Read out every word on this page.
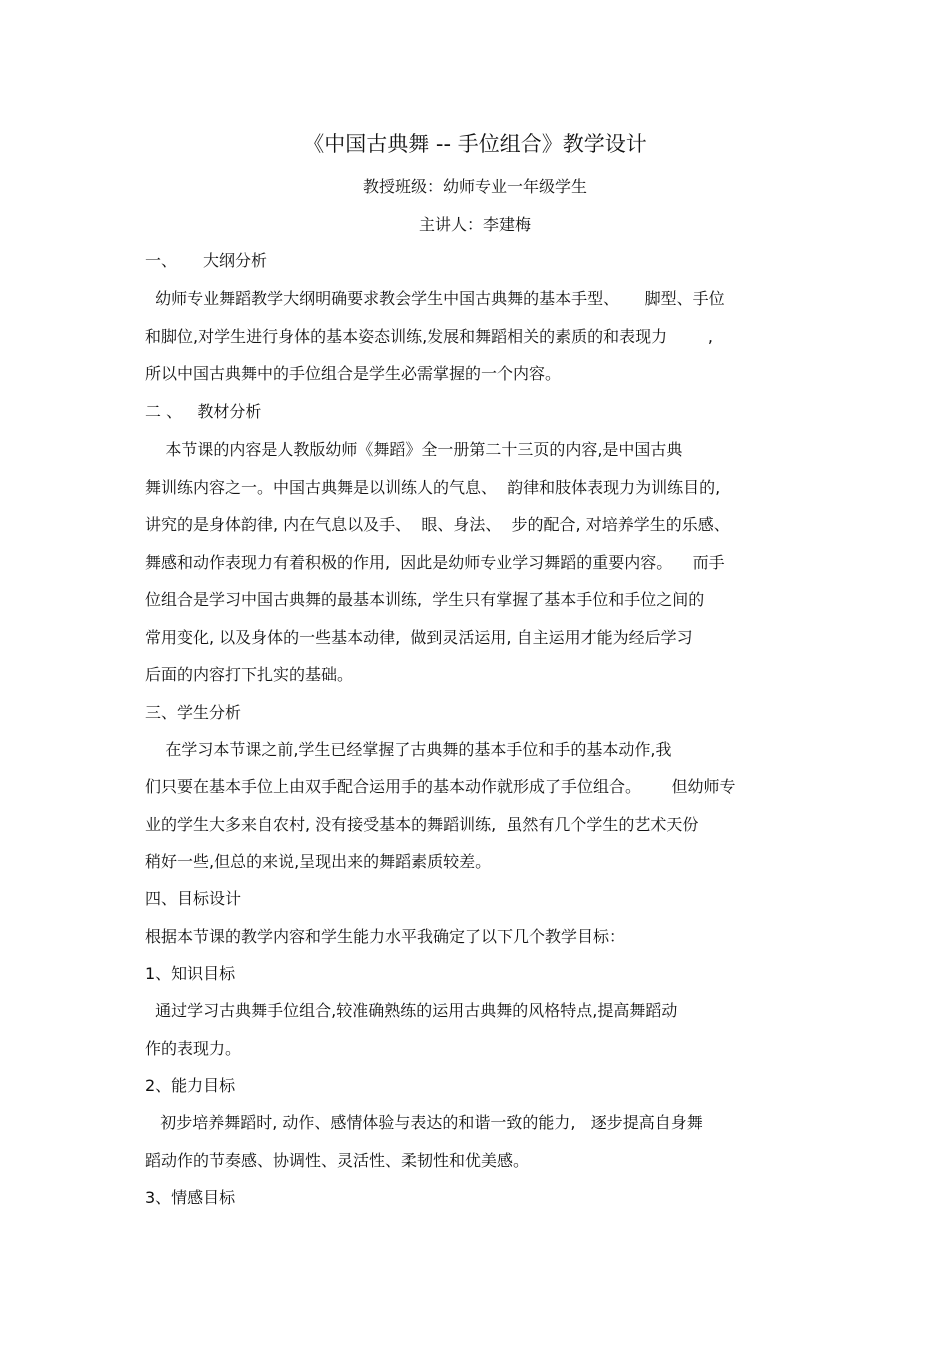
《中国古典舞 -- 手位组合》教学设计
教授班级：幼师专业一年级学生
主讲人：李建梅
一、 大纲分析
幼师专业舞蹈教学大纲明确要求教会学生中国古典舞的基本手型、     脚型、手位
和脚位,对学生进行身体的基本姿态训练,发展和舞蹈相关的素质的和表现力        ,
所以中国古典舞中的手位组合是学生必需掌握的一个内容。
二 、   教材分析
本节课的内容是人教版幼师《舞蹈》全一册第二十三页的内容,是中国古典
舞训练内容之一。中国古典舞是以训练人的气息、  韵律和肢体表现力为训练目的,
讲究的是身体韵律, 内在气息以及手、  眼、身法、  步的配合, 对培养学生的乐感、
舞感和动作表现力有着积极的作用,  因此是幼师专业学习舞蹈的重要内容。    而手
位组合是学习中国古典舞的最基本训练,  学生只有掌握了基本手位和手位之间的
常用变化, 以及身体的一些基本动律,  做到灵活运用, 自主运用才能为经后学习
后面的内容打下扎实的基础。
三、学生分析
在学习本节课之前,学生已经掌握了古典舞的基本手位和手的基本动作,我
们只要在基本手位上由双手配合运用手的基本动作就形成了手位组合。      但幼师专
业的学生大多来自农村, 没有接受基本的舞蹈训练,  虽然有几个学生的艺术天份
稍好一些,但总的来说,呈现出来的舞蹈素质较差。
四、目标设计
根据本节课的教学内容和学生能力水平我确定了以下几个教学目标：
1、知识目标
通过学习古典舞手位组合,较准确熟练的运用古典舞的风格特点,提高舞蹈动
作的表现力。
2、能力目标
初步培养舞蹈时, 动作、感情体验与表达的和谐一致的能力,   逐步提高自身舞
蹈动作的节奏感、协调性、灵活性、柔韧性和优美感。
3、情感目标
